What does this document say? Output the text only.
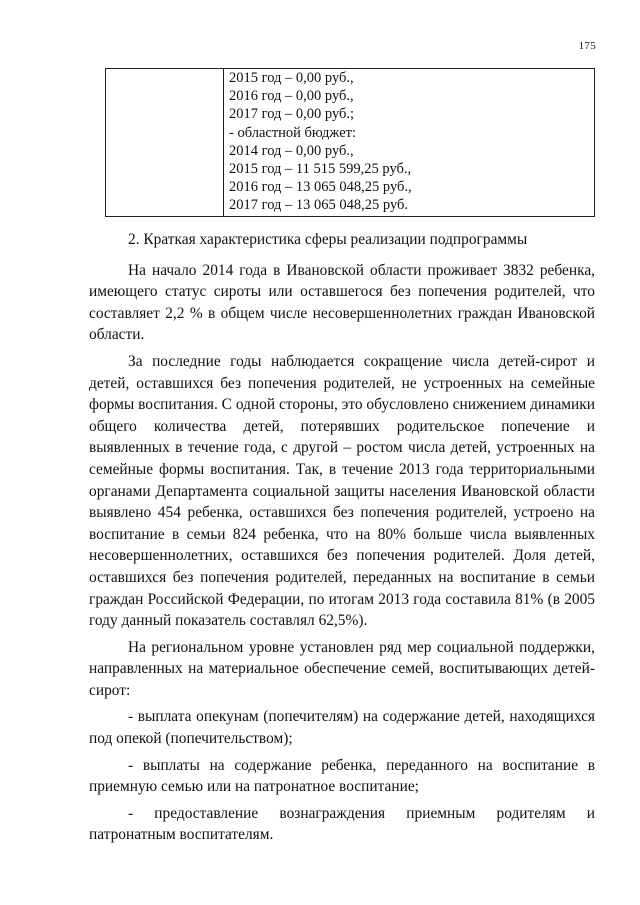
175

2015 год – 0,00 руб.,
2016 год – 0,00 руб.,
2017 год – 0,00 руб.;
- областной бюджет:
2014 год – 0,00 руб.,
2015 год – 11 515 599,25 руб.,
2016 год – 13 065 048,25 руб.,
2017 год – 13 065 048,25 руб.

2. Краткая характеристика сферы реализации подпрограммы

На начало 2014 года в Ивановской области проживает 3832 ребенка, имеющего статус сироты или оставшегося без попечения родителей, что составляет 2,2 % в общем числе несовершеннолетних граждан Ивановской области.

За последние годы наблюдается сокращение числа детей-сирот и детей, оставшихся без попечения родителей, не устроенных на семейные формы воспитания. С одной стороны, это обусловлено снижением динамики общего количества детей, потерявших родительское попечение и выявленных в течение года, с другой – ростом числа детей, устроенных на семейные формы воспитания. Так, в течение 2013 года территориальными органами Департамента социальной защиты населения Ивановской области выявлено 454 ребенка, оставшихся без попечения родителей, устроено на воспитание в семьи 824 ребенка, что на 80% больше числа выявленных несовершеннолетних, оставшихся без попечения родителей. Доля детей, оставшихся без попечения родителей, переданных на воспитание в семьи граждан Российской Федерации, по итогам 2013 года составила 81% (в 2005 году данный показатель составлял 62,5%).

На региональном уровне установлен ряд мер социальной поддержки, направленных на материальное обеспечение семей, воспитывающих детей-сирот:

- выплата опекунам (попечителям) на содержание детей, находящихся под опекой (попечительством);

- выплаты на содержание ребенка, переданного на воспитание в приемную семью или на патронатное воспитание;

- предоставление вознаграждения приемным родителям и патронатным воспитателям.
